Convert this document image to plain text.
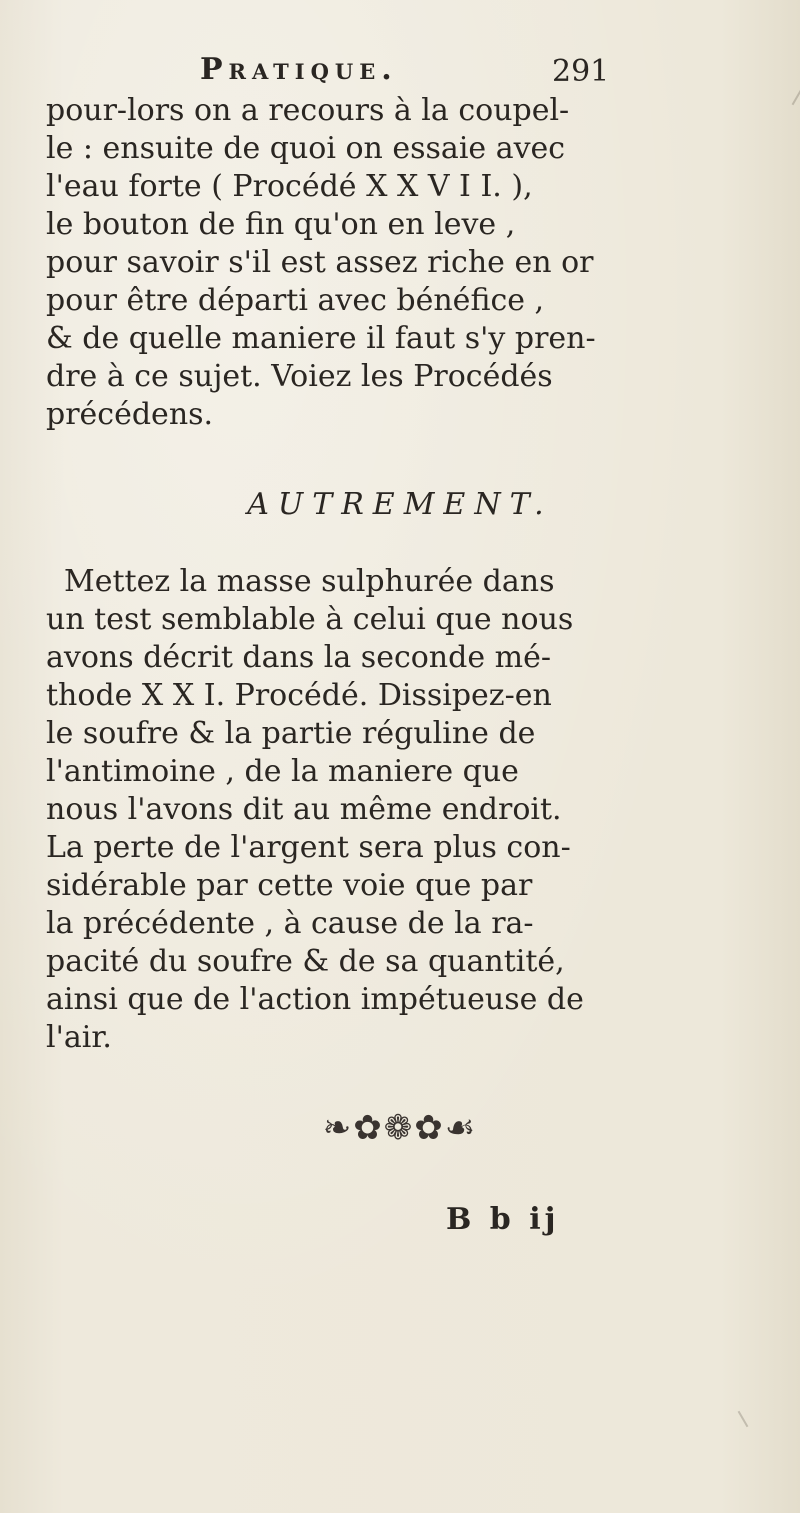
Pratique.	291
pour-lors on a recours à la coupel-
le : ensuite de quoi on essaie avec
l'eau forte ( Procédé X X V I I. ),
le bouton de fin qu'on en leve ,
pour savoir s'il est assez riche en or
pour être départi avec bénéfice ,
& de quelle maniere il faut s'y pren-
dre à ce sujet. Voiez les Procédés
précédens.
AUTREMENT.
Mettez la masse sulphurée dans
un test semblable à celui que nous
avons décrit dans la seconde mé-
thode X X I. Procédé. Dissipez-en
le soufre & la partie réguline de
l'antimoine , de la maniere que
nous l'avons dit au même endroit.
La perte de l'argent sera plus con-
sidérable par cette voie que par
la précédente , à cause de la ra-
pacité du soufre & de sa quantité,
ainsi que de l'action impétueuse de
l'air.
❧✿❁✿☙
B b ij
